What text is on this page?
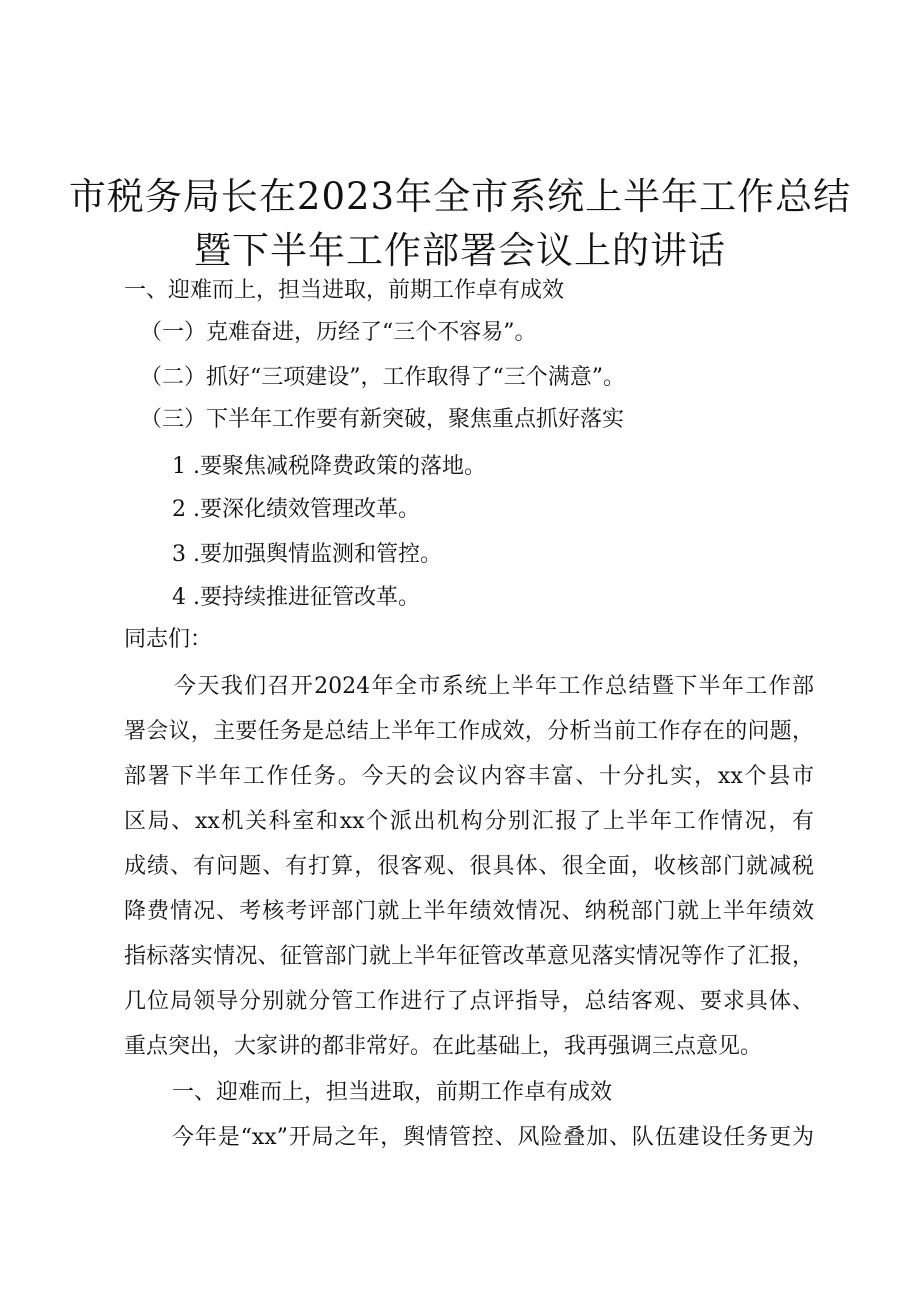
市税务局长在2023年全市系统上半年工作总结
暨下半年工作部署会议上的讲话
一、迎难而上，担当进取，前期工作卓有成效
（一）克难奋进，历经了“三个不容易”。
（二）抓好“三项建设”，工作取得了“三个满意”。
（三）下半年工作要有新突破，聚焦重点抓好落实
1 .要聚焦减税降费政策的落地。
2 .要深化绩效管理改革。
3 .要加强舆情监测和管控。
4 .要持续推进征管改革。
同志们：
今天我们召开2024年全市系统上半年工作总结暨下半年工作部
署会议，主要任务是总结上半年工作成效，分析当前工作存在的问题，
部署下半年工作任务。今天的会议内容丰富、十分扎实，xx个县市
区局、xx机关科室和xx个派出机构分别汇报了上半年工作情况，有
成绩、有问题、有打算，很客观、很具体、很全面，收核部门就减税
降费情况、考核考评部门就上半年绩效情况、纳税部门就上半年绩效
指标落实情况、征管部门就上半年征管改革意见落实情况等作了汇报，
几位局领导分别就分管工作进行了点评指导，总结客观、要求具体、
重点突出，大家讲的都非常好。在此基础上，我再强调三点意见。
一、迎难而上，担当进取，前期工作卓有成效
今年是“xx”开局之年，舆情管控、风险叠加、队伍建设任务更为
